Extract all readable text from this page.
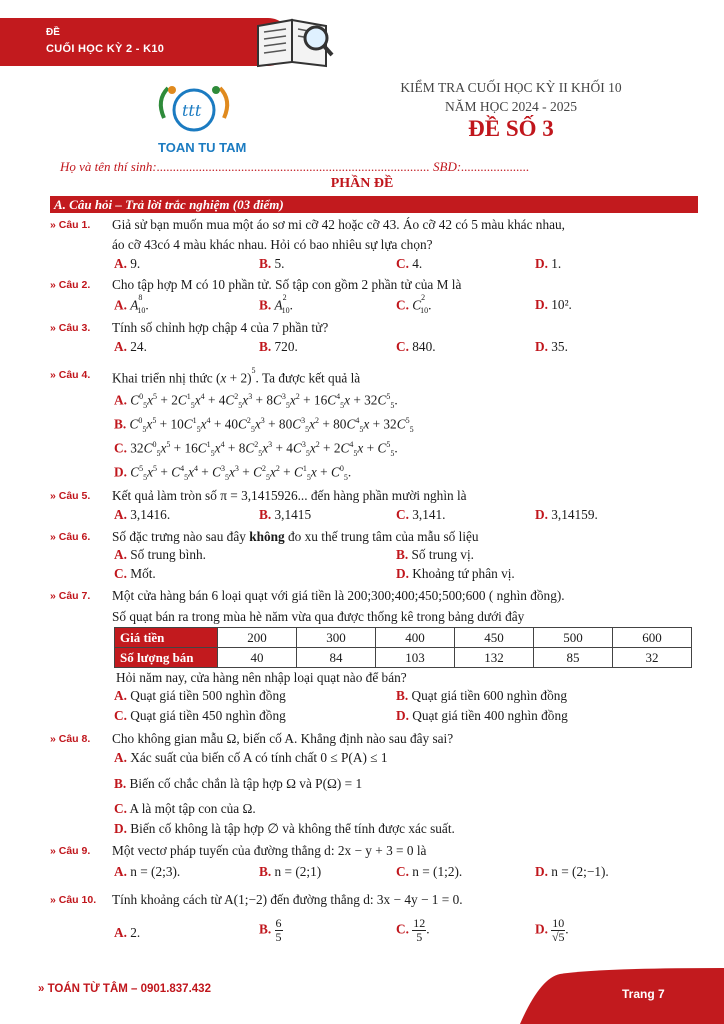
ĐỀ
CUỐI HỌC KỲ 2 - K10
ttt
TOAN TU TAM
KIỂM TRA CUỐI HỌC KỲ II KHỐI 10
NĂM HỌC 2024 - 2025
ĐỀ SỐ 3
Họ và tên thí sinh:.................................................................................... SBD:.....................
PHẦN ĐỀ
A. Câu hỏi – Trả lời trắc nghiệm (03 điểm)
» Câu 1. Giả sử bạn muốn mua một áo sơ mi cỡ 42 hoặc cỡ 43. Áo cỡ 42 có 5 màu khác nhau,
áo cỡ 43có 4 màu khác nhau. Hỏi có bao nhiêu sự lựa chọn?
A. 9.	B. 5.	C. 4.	D. 1.
» Câu 2. Cho tập hợp M có 10 phần tử. Số tập con gồm 2 phần tử của M là
A. $A^8_{10}$.	B. $A^2_{10}$.	C. $C^2_{10}$.	D. 10².
» Câu 3. Tính số chỉnh hợp chập 4 của 7 phần tử?
A. 24.	B. 720.	C. 840.	D. 35.
» Câu 4. Khai triển nhị thức $(x + 2)^5$. Ta được kết quả là
A. $C^0_5x^5 + 2C^1_5x^4 + 4C^2_5x^3 + 8C^3_5x^2 + 16C^4_5x + 32C^5_5$.
B. $C^0_5x^5 + 10C^1_5x^4 + 40C^2_5x^3 + 80C^3_5x^2 + 80C^4_5x + 32C^5_5$
C. $32C^0_5x^5 + 16C^1_5x^4 + 8C^2_5x^3 + 4C^3_5x^2 + 2C^4_5x + C^5_5$.
D. $C^5_5x^5 + C^4_5x^4 + C^3_5x^3 + C^2_5x^2 + C^1_5x + C^0_5$.
» Câu 5. Kết quả làm tròn số π = 3,1415926... đến hàng phần mười nghìn là
A. 3,1416.	B. 3,1415	C. 3,141.	D. 3,14159.
» Câu 6. Số đặc trưng nào sau đây không đo xu thế trung tâm của mẫu số liệu
A. Số trung bình.	B. Số trung vị.
C. Mốt.	D. Khoảng tứ phân vị.
» Câu 7. Một cửa hàng bán 6 loại quạt với giá tiền là 200;300;400;450;500;600 ( nghìn đồng).
Số quạt bán ra trong mùa hè năm vừa qua được thống kê trong bảng dưới đây
Giá tiền	200	300	400	450	500	600
Số lượng bán	40	84	103	132	85	32
Hỏi năm nay, cửa hàng nên nhập loại quạt nào để bán?
A. Quạt giá tiền 500 nghìn đồng	B. Quạt giá tiền 600 nghìn đồng
C. Quạt giá tiền 450 nghìn đồng	D. Quạt giá tiền 400 nghìn đồng
» Câu 8. Cho không gian mẫu Ω, biến cố A. Khẳng định nào sau đây sai?
A. Xác suất của biến cố A có tính chất 0 ≤ P(A) ≤ 1
B. Biến cố chắc chắn là tập hợp Ω và P(Ω) = 1
C. A là một tập con của Ω.
D. Biến cố không là tập hợp ∅ và không thể tính được xác suất.
» Câu 9. Một vectơ pháp tuyến của đường thẳng d: 2x − y + 3 = 0 là
A. n = (2;3).	B. n = (2;1)	C. n = (1;2).	D. n = (2;−1).
» Câu 10. Tính khoảng cách từ A(1;−2) đến đường thẳng d: 3x − 4y − 1 = 0.
A. 2.	B. $\frac{6}{5}$	C. $\frac{12}{5}$ .	D. $\frac{10}{√5}$ .
» TOÁN TỪ TÂM – 0901.837.432	Trang 7
